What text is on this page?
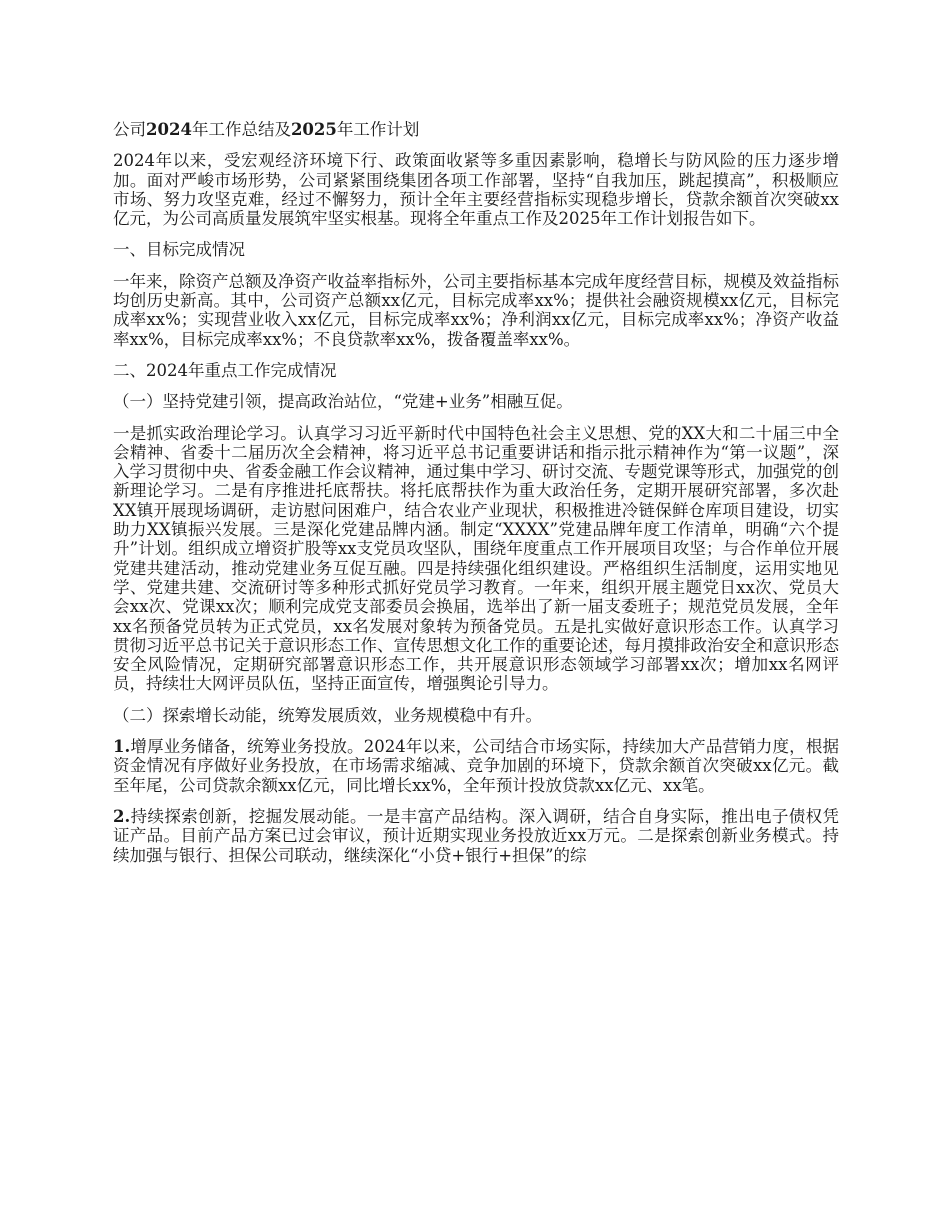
公司2024年工作总结及2025年工作计划

2024年以来，受宏观经济环境下行、政策面收紧等多重因素影响，稳增长与防风险的压力逐步增加。面对严峻市场形势，公司紧紧围绕集团各项工作部署，坚持“自我加压，跳起摸高”，积极顺应市场、努力攻坚克难，经过不懈努力，预计全年主要经营指标实现稳步增长，贷款余额首次突破xx亿元，为公司高质量发展筑牢坚实根基。现将全年重点工作及2025年工作计划报告如下。

一、目标完成情况

一年来，除资产总额及净资产收益率指标外，公司主要指标基本完成年度经营目标，规模及效益指标均创历史新高。其中，公司资产总额xx亿元，目标完成率xx%；提供社会融资规模xx亿元，目标完成率xx%；实现营业收入xx亿元，目标完成率xx%；净利润xx亿元，目标完成率xx%；净资产收益率xx%，目标完成率xx%；不良贷款率xx%，拨备覆盖率xx%。

二、2024年重点工作完成情况

（一）坚持党建引领，提高政治站位，“党建+业务”相融互促。

一是抓实政治理论学习。认真学习习近平新时代中国特色社会主义思想、党的XX大和二十届三中全会精神、省委十二届历次全会精神，将习近平总书记重要讲话和指示批示精神作为“第一议题”，深入学习贯彻中央、省委金融工作会议精神，通过集中学习、研讨交流、专题党课等形式，加强党的创新理论学习。二是有序推进托底帮扶。将托底帮扶作为重大政治任务，定期开展研究部署，多次赴XX镇开展现场调研，走访慰问困难户，结合农业产业现状，积极推进冷链保鲜仓库项目建设，切实助力XX镇振兴发展。三是深化党建品牌内涵。制定“XXXX”党建品牌年度工作清单，明确“六个提升”计划。组织成立增资扩股等xx支党员攻坚队，围绕年度重点工作开展项目攻坚；与合作单位开展党建共建活动，推动党建业务互促互融。四是持续强化组织建设。严格组织生活制度，运用实地见学、党建共建、交流研讨等多种形式抓好党员学习教育。一年来，组织开展主题党日xx次、党员大会xx次、党课xx次；顺利完成党支部委员会换届，选举出了新一届支委班子；规范党员发展，全年xx名预备党员转为正式党员，xx名发展对象转为预备党员。五是扎实做好意识形态工作。认真学习贯彻习近平总书记关于意识形态工作、宣传思想文化工作的重要论述，每月摸排政治安全和意识形态安全风险情况，定期研究部署意识形态工作，共开展意识形态领域学习部署xx次；增加xx名网评员，持续壮大网评员队伍，坚持正面宣传，增强舆论引导力。

（二）探索增长动能，统筹发展质效，业务规模稳中有升。

1.增厚业务储备，统筹业务投放。2024年以来，公司结合市场实际，持续加大产品营销力度，根据资金情况有序做好业务投放，在市场需求缩减、竞争加剧的环境下，贷款余额首次突破xx亿元。截至年尾，公司贷款余额xx亿元，同比增长xx%，全年预计投放贷款xx亿元、xx笔。

2.持续探索创新，挖掘发展动能。一是丰富产品结构。深入调研，结合自身实际，推出电子债权凭证产品。目前产品方案已过会审议，预计近期实现业务投放近xx万元。二是探索创新业务模式。持续加强与银行、担保公司联动，继续深化“小贷+银行+担保”的综
